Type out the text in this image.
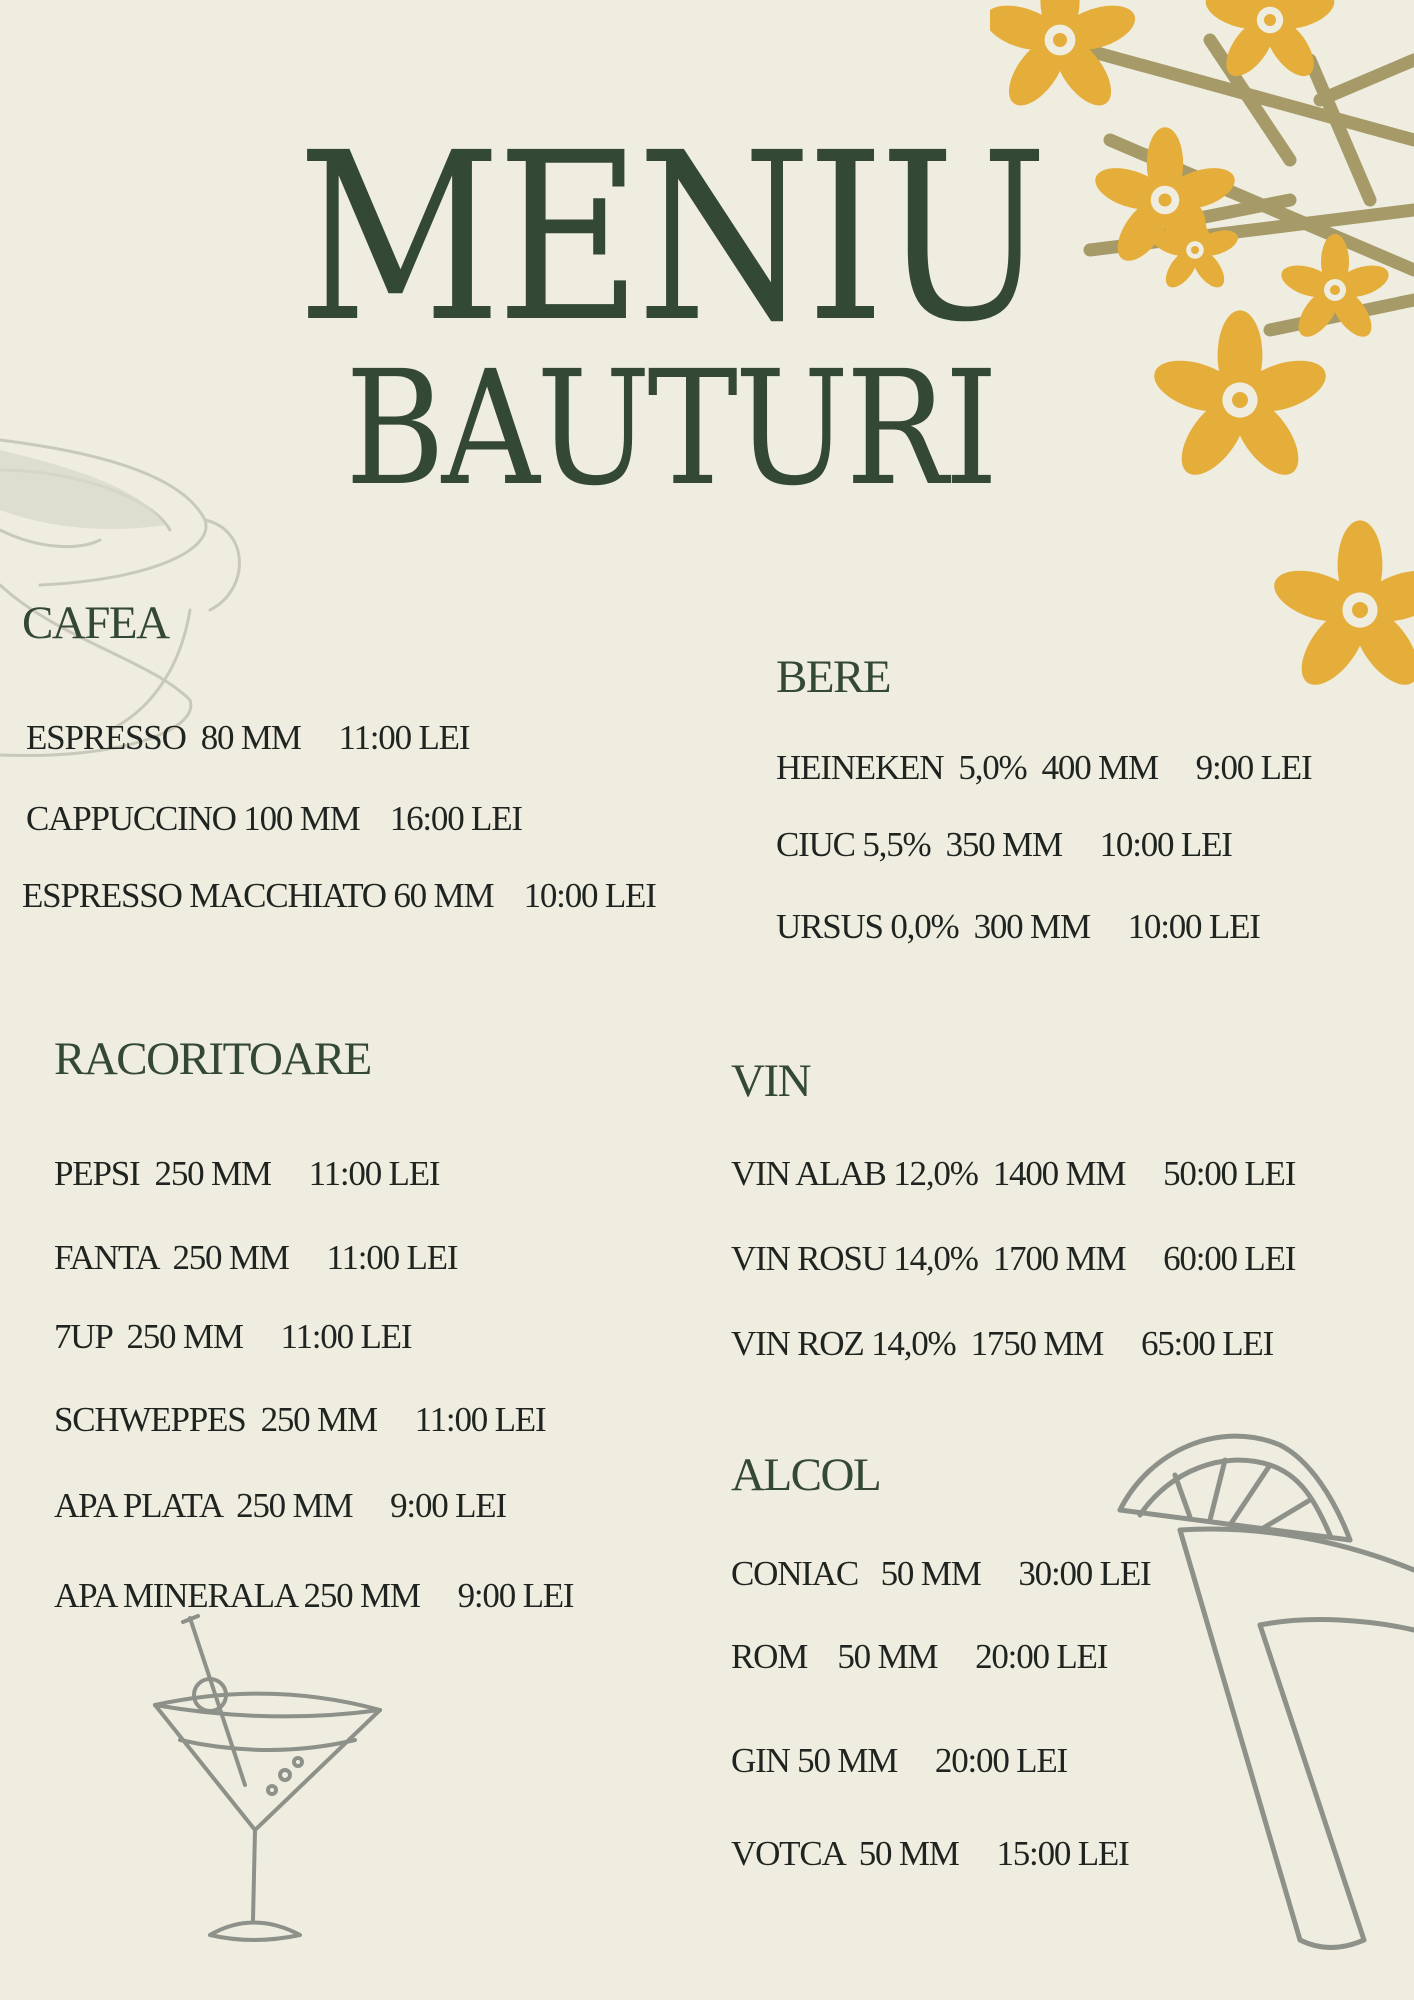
MENIU
BAUTURI
CAFEA

ESPRESSO  80 MM     11:00 LEI

CAPPUCCINO 100 MM    16:00 LEI

ESPRESSO MACCHIATO 60 MM    10:00 LEI

BERE

HEINEKEN  5,0%  400 MM     9:00 LEI

CIUC 5,5%  350 MM     10:00 LEI

URSUS 0,0%  300 MM     10:00 LEI

RACORITOARE

PEPSI  250 MM     11:00 LEI

FANTA  250 MM     11:00 LEI

7UP  250 MM     11:00 LEI

SCHWEPPES  250 MM     11:00 LEI

APA PLATA  250 MM     9:00 LEI

APA MINERALA 250 MM     9:00 LEI

VIN

VIN ALAB 12,0%  1400 MM     50:00 LEI

VIN ROSU 14,0%  1700 MM     60:00 LEI

VIN ROZ 14,0%  1750 MM     65:00 LEI

ALCOL

CONIAC   50 MM     30:00 LEI

ROM    50 MM     20:00 LEI

GIN 50 MM     20:00 LEI

VOTCA  50 MM     15:00 LEI
